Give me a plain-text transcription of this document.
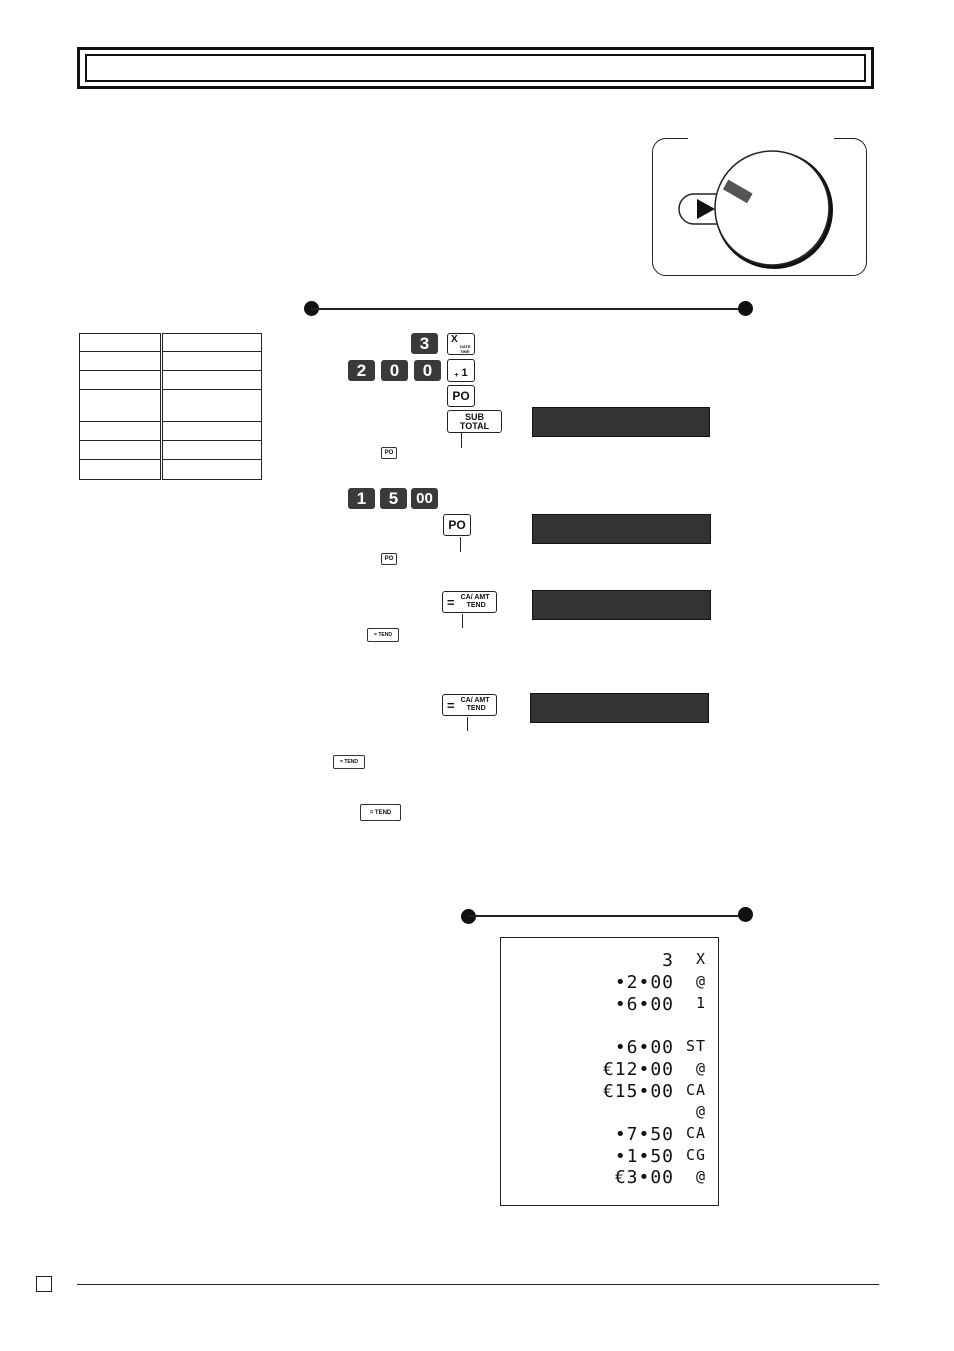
3	X
DATE TIME
2	0	0	+ 1
PO
SUB
TOTAL
PO
1	5	00
PO
PO
= CA/ AMT
TEND
=
TEND
= CA/ AMT
TEND
=
TEND
=
TEND
3	X
•2•00	@
•6•00	1
•6•00 ST
€12•00	@
€15•00 CA
@
•7•50 CA
•1•50 CG
€3•00	@
